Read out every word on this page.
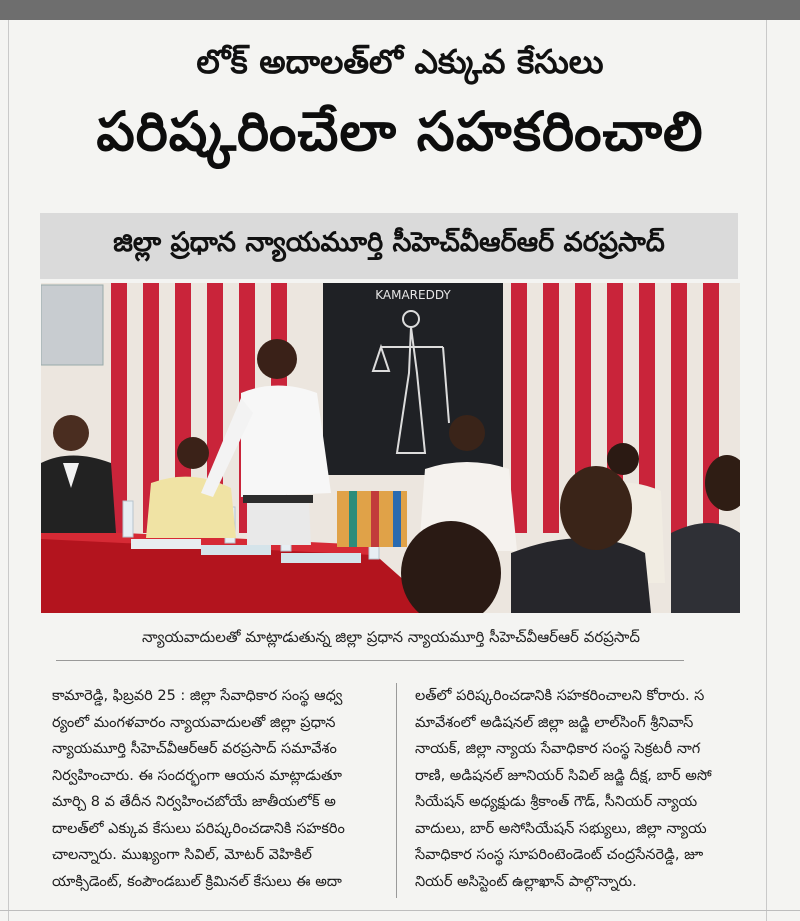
లోక్ అదాలత్‌లో ఎక్కువ కేసులు
పరిష్కరించేలా సహకరించాలి
జిల్లా ప్రధాన న్యాయమూర్తి సీహెచ్‌వీఆర్‌ఆర్ వరప్రసాద్
KAMAREDDY
న్యాయవాదులతో మాట్లాడుతున్న జిల్లా ప్రధాన న్యాయమూర్తి సీహెచ్‌వీఆర్‌ఆర్ వరప్రసాద్

కామారెడ్డి, ఫిబ్రవరి 25 : జిల్లా సేవాధికార సంస్థ ఆధ్వ

ర్యంలో మంగళవారం న్యాయవాదులతో జిల్లా ప్రధాన

న్యాయమూర్తి సీహెచ్‌వీఆర్‌ఆర్ వరప్రసాద్ సమావేశం

నిర్వహించారు. ఈ సందర్భంగా ఆయన మాట్లాడుతూ

మార్చి 8 వ తేదీన నిర్వహించబోయే జాతీయలోక్ అ

దాలత్‌లో ఎక్కువ కేసులు పరిష్కరించడానికి సహకరిం

చాలన్నారు. ముఖ్యంగా సివిల్, మోటర్ వెహికిల్

యాక్సిడెంట్, కంపౌండబుల్ క్రిమినల్ కేసులు ఈ అదా

లత్‌లో పరిష్కరించడానికి సహకరించాలని కోరారు. స

మావేశంలో అడిషనల్ జిల్లా జడ్జి లాల్‌సింగ్ శ్రీనివాస్

నాయక్, జిల్లా న్యాయ సేవాధికార సంస్థ సెక్రటరీ నాగ

రాణి, అడిషనల్ జూనియర్ సివిల్ జడ్జి దీక్ష, బార్ అసో

సియేషన్ అధ్యక్షుడు శ్రీకాంత్ గౌడ్, సీనియర్ న్యాయ

వాదులు, బార్ అసోసియేషన్ సభ్యులు, జిల్లా న్యాయ

సేవాధికార సంస్థ సూపరింటెండెంట్ చంద్రసేనరెడ్డి, జూ

నియర్ అసిస్టెంట్ ఉల్లాఖాన్ పాల్గొన్నారు.
